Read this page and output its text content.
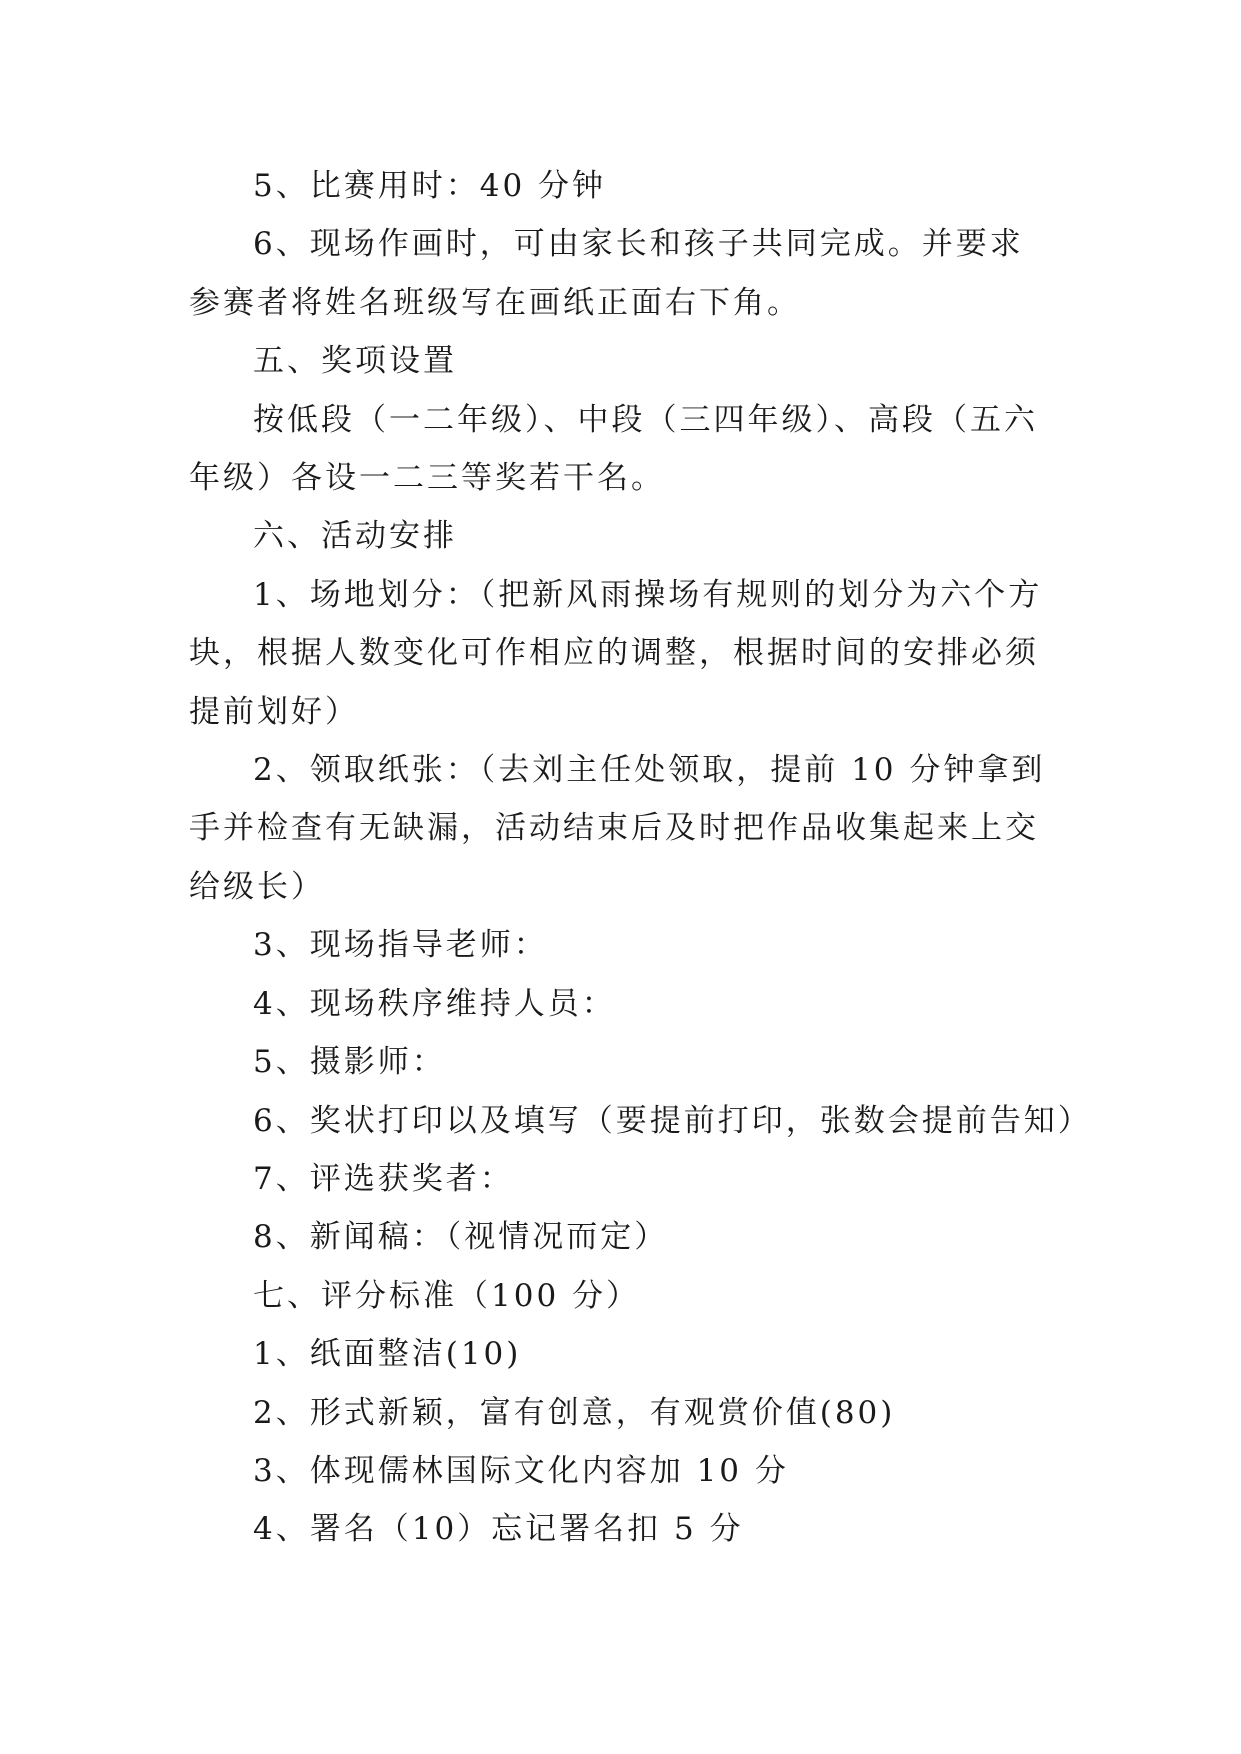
5、比赛用时：40 分钟

6、现场作画时，可由家长和孩子共同完成。并要求参赛者将姓名班级写在画纸正面右下角。

五、奖项设置

按低段（一二年级）、中段（三四年级）、高段（五六年级）各设一二三等奖若干名。

六、活动安排

1、场地划分：（把新风雨操场有规则的划分为六个方块，根据人数变化可作相应的调整，根据时间的安排必须提前划好）

2、领取纸张：（去刘主任处领取，提前 10 分钟拿到手并检查有无缺漏，活动结束后及时把作品收集起来上交给级长）

3、现场指导老师：

4、现场秩序维持人员：

5、摄影师：

6、奖状打印以及填写（要提前打印，张数会提前告知）

7、评选获奖者：

8、新闻稿：（视情况而定）

七、评分标准（100 分）

1、纸面整洁(10)

2、形式新颖，富有创意，有观赏价值(80)

3、体现儒林国际文化内容加 10 分

4、署名（10）忘记署名扣 5 分
